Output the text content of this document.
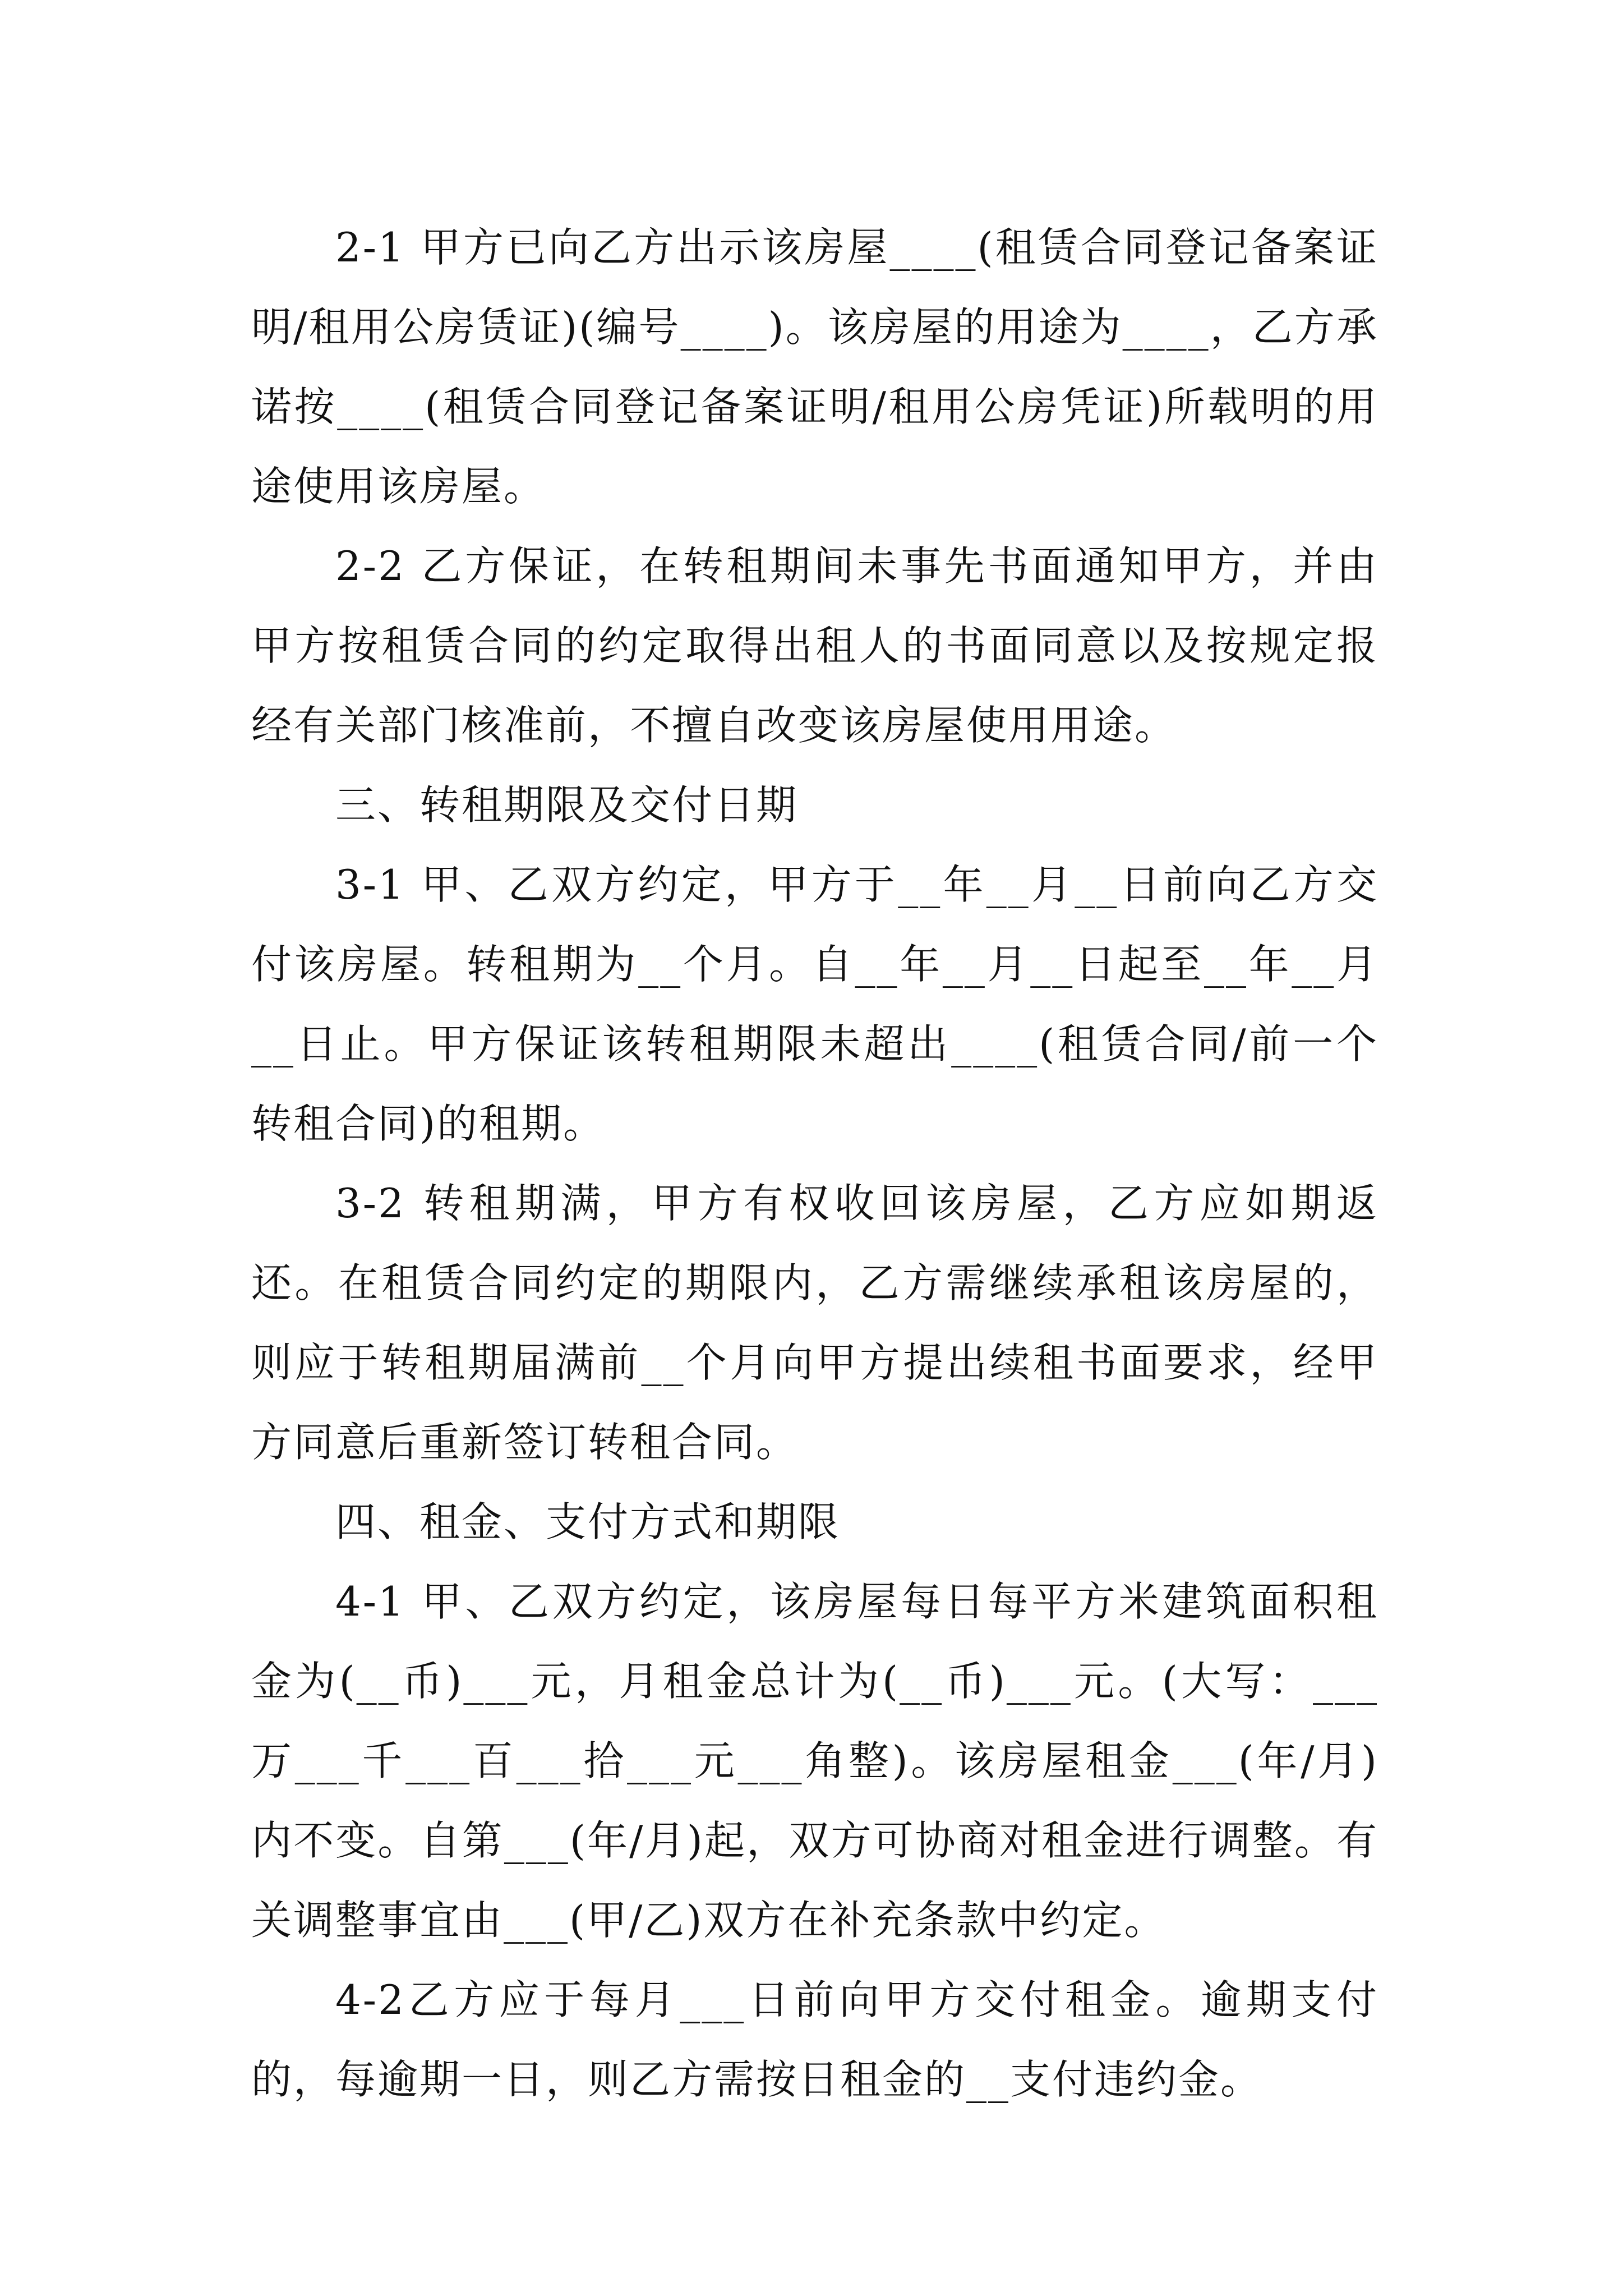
2-1 甲方已向乙方出示该房屋____(租赁合同登记备案证明/租用公房赁证)(编号____)。该房屋的用途为____，乙方承诺按____(租赁合同登记备案证明/租用公房凭证)所载明的用途使用该房屋。

2-2 乙方保证，在转租期间未事先书面通知甲方，并由甲方按租赁合同的约定取得出租人的书面同意以及按规定报经有关部门核准前，不擅自改变该房屋使用用途。

三、转租期限及交付日期

3-1 甲、乙双方约定，甲方于__年__月__日前向乙方交付该房屋。转租期为__个月。自__年__月__日起至__年__月__日止。甲方保证该转租期限未超出____(租赁合同/前一个转租合同)的租期。

3-2 转租期满，甲方有权收回该房屋，乙方应如期返还。在租赁合同约定的期限内，乙方需继续承租该房屋的，则应于转租期届满前__个月向甲方提出续租书面要求，经甲方同意后重新签订转租合同。

四、租金、支付方式和期限

4-1 甲、乙双方约定，该房屋每日每平方米建筑面积租金为(__币)___元，月租金总计为(__币)___元。(大写：___万___千___百___拾___元___角整)。该房屋租金___(年/月)内不变。自第___(年/月)起，双方可协商对租金进行调整。有关调整事宜由___(甲/乙)双方在补充条款中约定。

4-2乙方应于每月___日前向甲方交付租金。逾期支付的，每逾期一日，则乙方需按日租金的__支付违约金。
